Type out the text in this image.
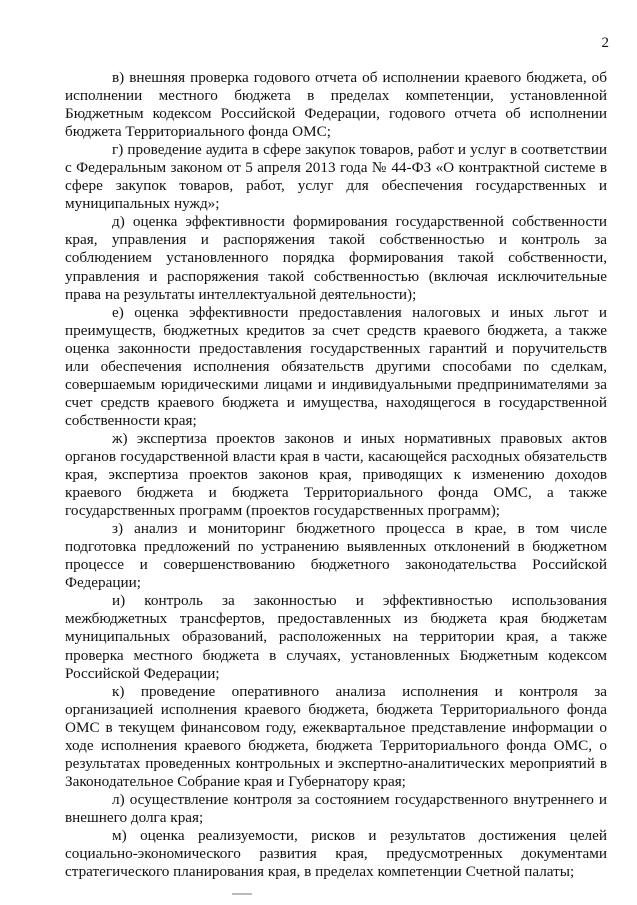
2

в) внешняя проверка годового отчета об исполнении краевого бюджета, об исполнении местного бюджета в пределах компетенции, установленной Бюджетным кодексом Российской Федерации, годового отчета об исполнении бюджета Территориального фонда ОМС;

г) проведение аудита в сфере закупок товаров, работ и услуг в соответствии с Федеральным законом от 5 апреля 2013 года № 44-ФЗ «О контрактной системе в сфере закупок товаров, работ, услуг для обеспечения государственных и муниципальных нужд»;

д) оценка эффективности формирования государственной собственности края, управления и распоряжения такой собственностью и контроль за соблюдением установленного порядка формирования такой собственности, управления и распоряжения такой собственностью (включая исключительные права на результаты интеллектуальной деятельности);

е) оценка эффективности предоставления налоговых и иных льгот и преимуществ, бюджетных кредитов за счет средств краевого бюджета, а также оценка законности предоставления государственных гарантий и поручительств или обеспечения исполнения обязательств другими способами по сделкам, совершаемым юридическими лицами и индивидуальными предпринимателями за счет средств краевого бюджета и имущества, находящегося в государственной собственности края;

ж) экспертиза проектов законов и иных нормативных правовых актов органов государственной власти края в части, касающейся расходных обязательств края, экспертиза проектов законов края, приводящих к изменению доходов краевого бюджета и бюджета Территориального фонда ОМС, а также государственных программ (проектов государственных программ);

з) анализ и мониторинг бюджетного процесса в крае, в том числе подготовка предложений по устранению выявленных отклонений в бюджетном процессе и совершенствованию бюджетного законодательства Российской Федерации;

и) контроль за законностью и эффективностью использования межбюджетных трансфертов, предоставленных из бюджета края бюджетам муниципальных образований, расположенных на территории края, а также проверка местного бюджета в случаях, установленных Бюджетным кодексом Российской Федерации;

к) проведение оперативного анализа исполнения и контроля за организацией исполнения краевого бюджета, бюджета Территориального фонда ОМС в текущем финансовом году, ежеквартальное представление информации о ходе исполнения краевого бюджета, бюджета Территориального фонда ОМС, о результатах проведенных контрольных и экспертно-аналитических мероприятий в Законодательное Собрание края и Губернатору края;

л) осуществление контроля за состоянием государственного внутреннего и внешнего долга края;

м) оценка реализуемости, рисков и результатов достижения целей социально-экономического развития края, предусмотренных документами стратегического планирования края, в пределах компетенции Счетной палаты;
